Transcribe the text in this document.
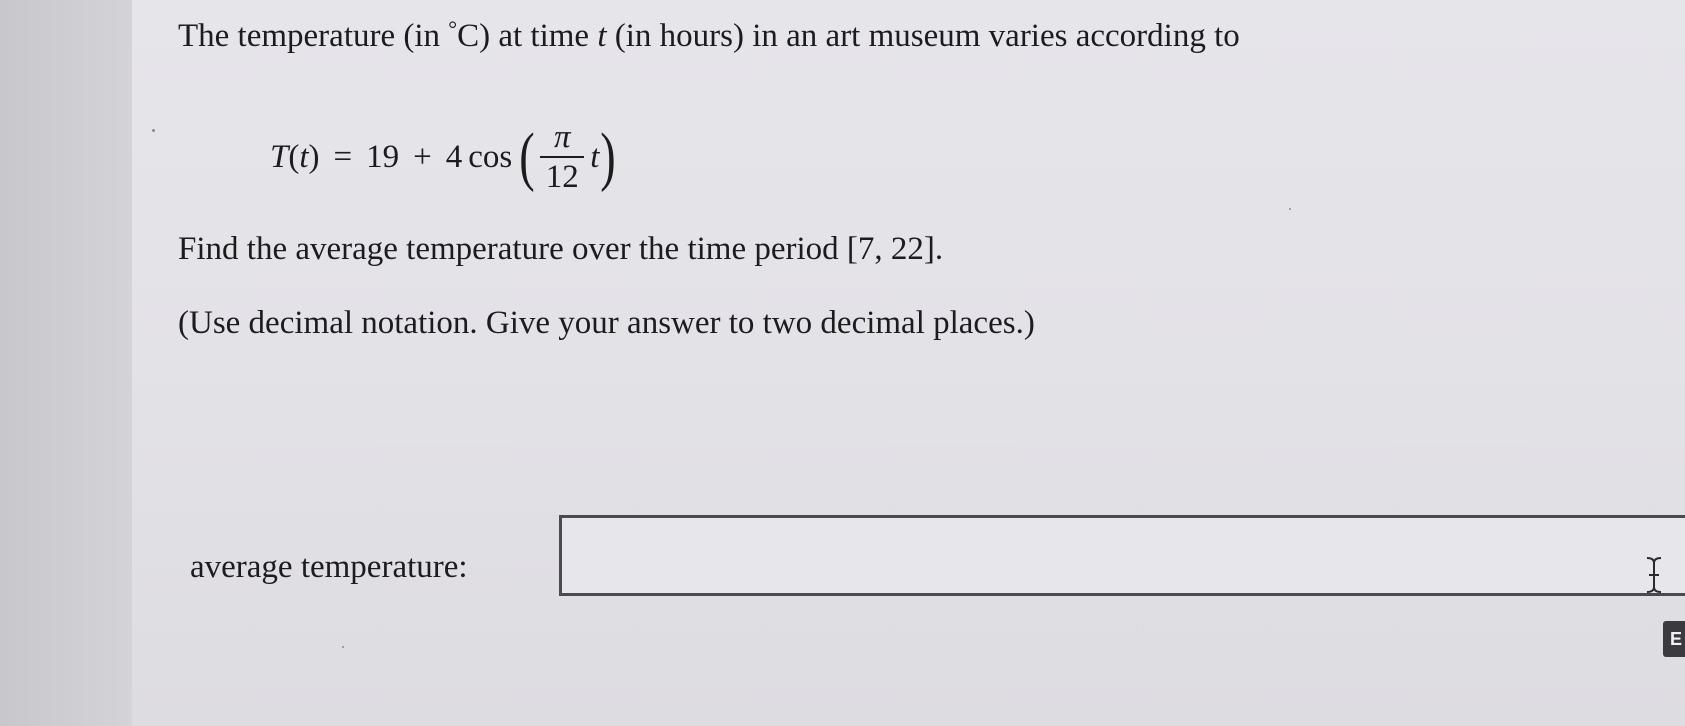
The temperature (in °C) at time t (in hours) in an art museum varies according to

T ( t ) = 19 + 4 cos ( $\frac{\pi}{12}$ t )

Find the average temperature over the time period [7, 22].

(Use decimal notation. Give your answer to two decimal places.)

average temperature:
E
